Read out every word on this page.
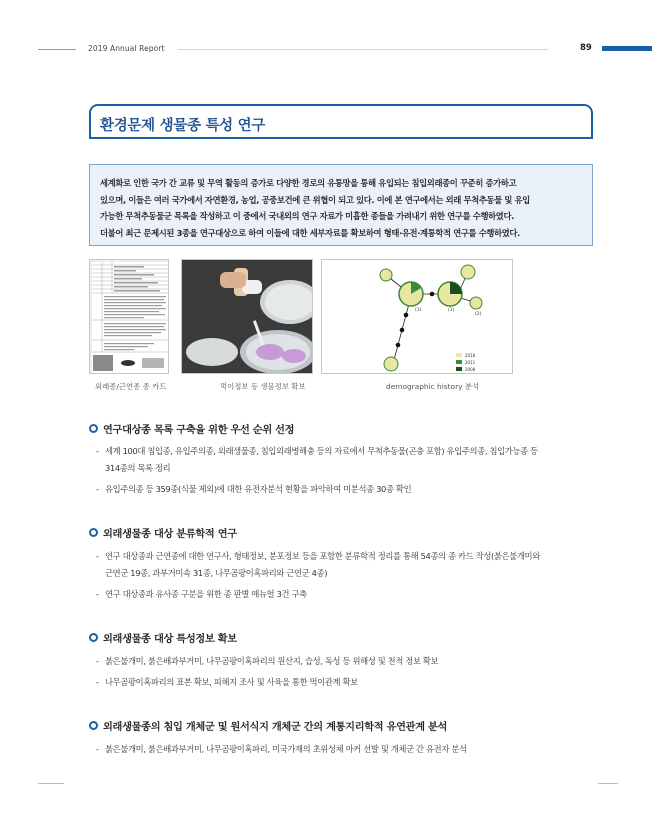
2019 Annual Report	89
환경문제 생물종 특성 연구

세계화로 인한 국가 간 교류 및 무역 활동의 증가로 다양한 경로의 유통망을 통해 유입되는 침입외래종이 꾸준히 증가하고

있으며, 이들은 여러 국가에서 자연환경, 농업, 공중보건에 큰 위협이 되고 있다. 이에 본 연구에서는 외래 무척추동물 및 유입

가능한 무척추동물군 목록을 작성하고 이 중에서 국내외의 연구 자료가 미흡한 종들을 가려내기 위한 연구를 수행하였다.

더불어 최근 문제시된 3종을 연구대상으로 하여 이들에 대한 세부자료를 확보하여 형태·유전·계통학적 연구를 수행하였다.

(1)	(1)
(2)
2018
2011
2008
외래종/근연종 종 카드	먹이정보 등 생물정보 확보	demographic history 분석
연구대상종 목록 구축을 위한 우선 순위 선정
- 세계 100대 침입종, 유입주의종, 외래생물종, 침입외래병해충 등의 자료에서 무척추동물(곤충 포함) 유입주의종, 침입가능종 등
314종의 목록 정리
- 유입주의종 등 359종(식물 제외)에 대한 유전자분석 현황을 파악하여 미분석종 30종 확인
외래생물종 대상 분류학적 연구
- 연구 대상종과 근연종에 대한 연구사, 형태정보, 분포정보 등을 포함한 분류학적 정리를 통해 54종의 종 카드 작성(붉은불개미와
근연군 19종, 과부거미속 31종, 나무곰팡이혹파리와 근연군 4종)
- 연구 대상종과 유사종 구분을 위한 종 판별 매뉴얼 3건 구축
외래생물종 대상 특성정보 확보
- 붉은불개미, 붉은배과부거미, 나무곰팡이혹파리의 원산지, 습성, 독성 등 위해성 및 천적 정보 확보
- 나무곰팡이혹파리의 표본 확보, 피해지 조사 및 사육을 통한 먹이관계 확보
외래생물종의 침입 개체군 및 원서식지 개체군 간의 계통지리학적 유연관계 분석
- 붉은불개미, 붉은배과부거미, 나무곰팡이혹파리, 미국가재의 초위성체 마커 선발 및 개체군 간 유전자 분석
